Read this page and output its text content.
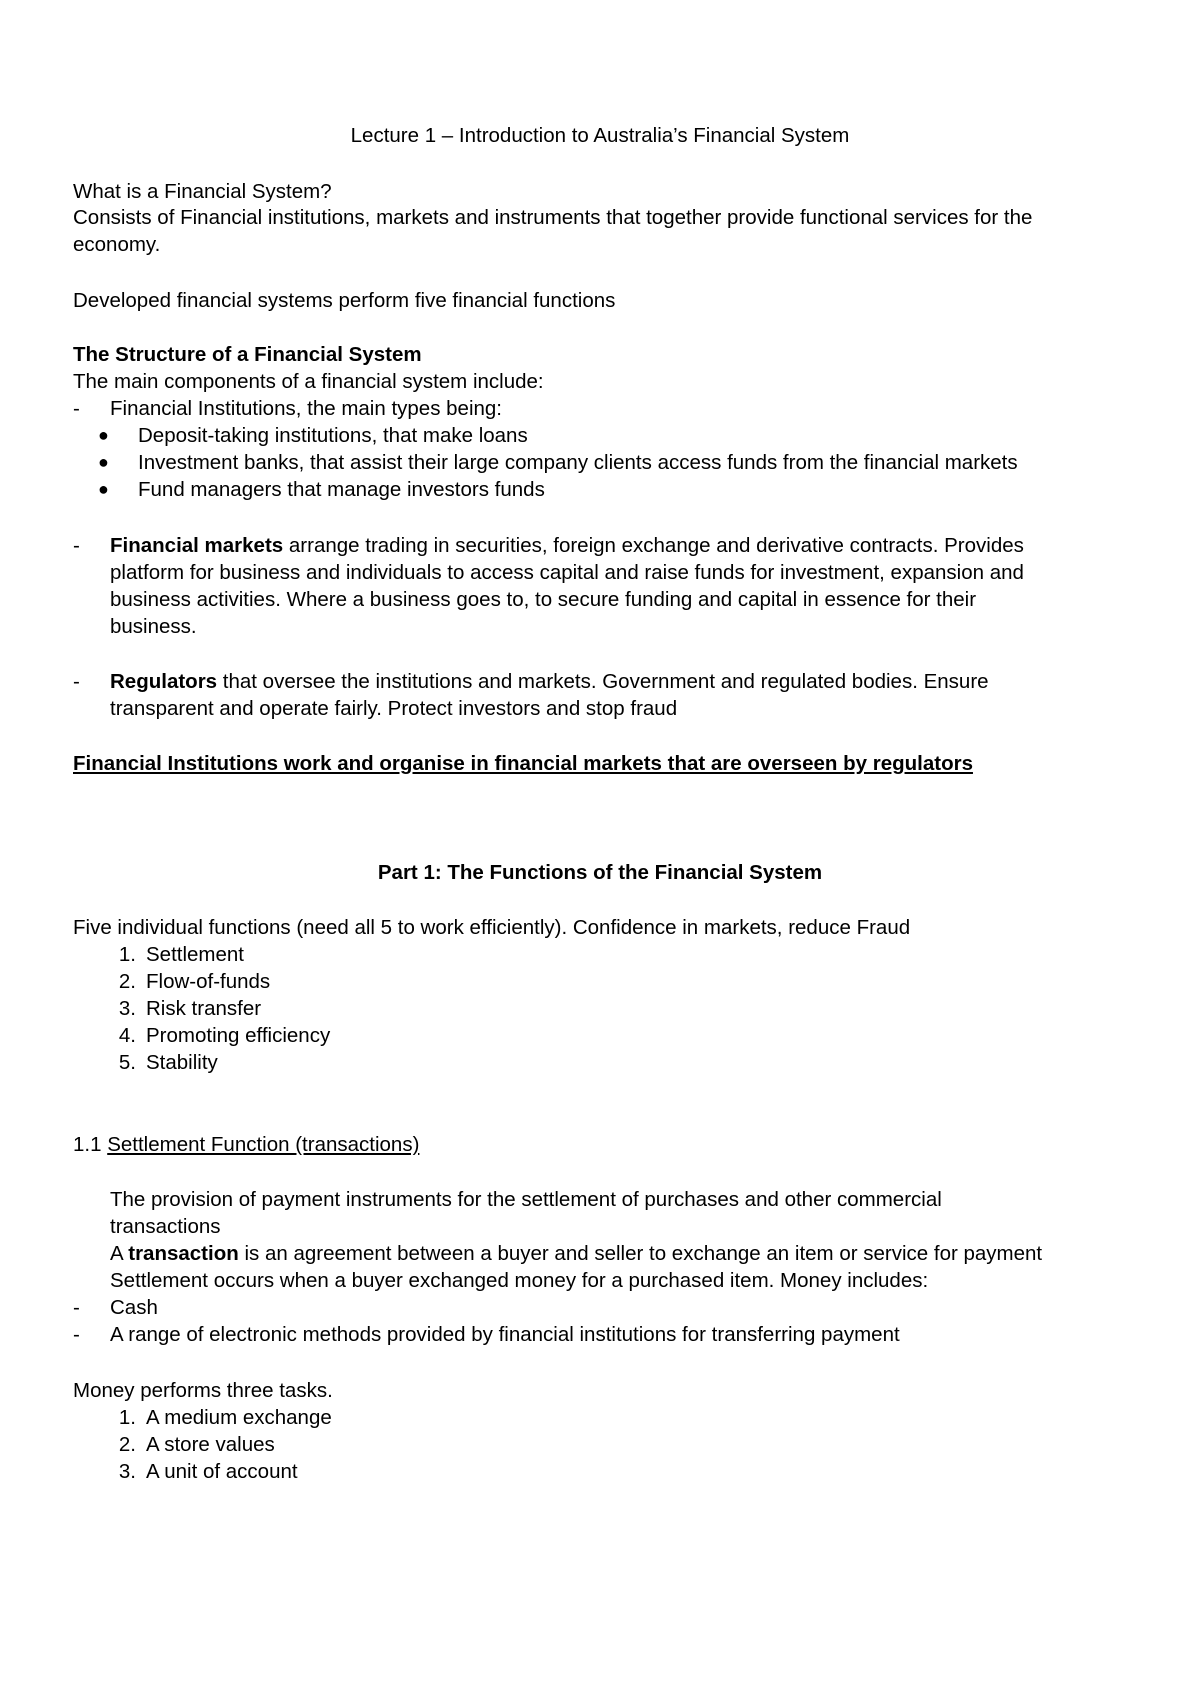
Lecture 1 – Introduction to Australia’s Financial System
What is a Financial System?
Consists of Financial institutions, markets and instruments that together provide functional services for the
economy.
Developed financial systems perform five financial functions
The Structure of a Financial System
The main components of a financial system include:
- Financial Institutions, the main types being:
● Deposit-taking institutions, that make loans
● Investment banks, that assist their large company clients access funds from the financial markets
● Fund managers that manage investors funds
- Financial markets arrange trading in securities, foreign exchange and derivative contracts. Provides
platform for business and individuals to access capital and raise funds for investment, expansion and
business activities. Where a business goes to, to secure funding and capital in essence for their
business.
- Regulators that oversee the institutions and markets. Government and regulated bodies. Ensure
transparent and operate fairly. Protect investors and stop fraud
Financial Institutions work and organise in financial markets that are overseen by regulators
Part 1: The Functions of the Financial System
Five individual functions (need all 5 to work efficiently). Confidence in markets, reduce Fraud
1. Settlement
2. Flow-of-funds
3. Risk transfer
4. Promoting efficiency
5. Stability
1.1 Settlement Function (transactions)
The provision of payment instruments for the settlement of purchases and other commercial
transactions
A transaction is an agreement between a buyer and seller to exchange an item or service for payment
Settlement occurs when a buyer exchanged money for a purchased item. Money includes:
- Cash
- A range of electronic methods provided by financial institutions for transferring payment
Money performs three tasks.
1. A medium exchange
2. A store values
3. A unit of account
